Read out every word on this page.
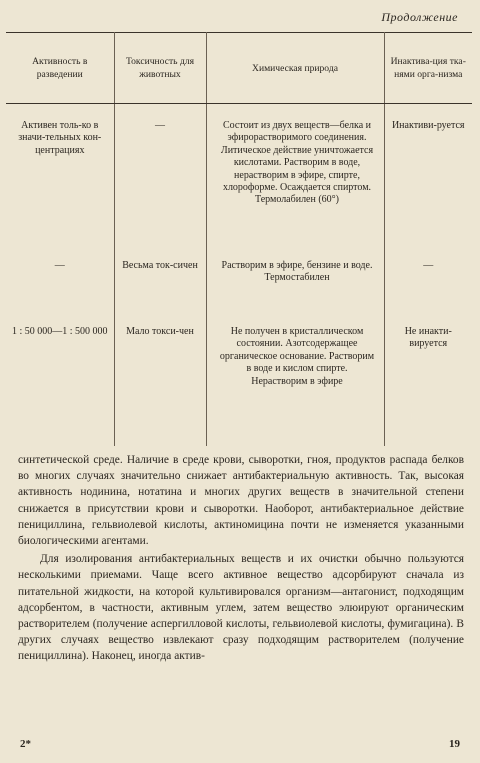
Продолжение
Активность в разведении	Токсичность для животных	Химическая природа	Инактива-ция тка-нями орга-низма
Активен толь-ко в значи-тельных кон-центрациях	—	Состоит из двух веществ—белка и эфирорастворимого соединения. Литическое действие уничтожается кислотами. Растворим в воде, нерастворим в эфире, спирте, хлороформе. Осаждается спиртом. Термолабилен (60°)	Инактиви-руется
—	Весьма ток-сичен	Растворим в эфире, бензине и воде. Термостабилен	—
1 : 50 000—1 : 500 000	Мало токси-чен	Не получен в кристаллическом состоянии. Азотсодержащее органическое основание. Растворим в воде и кислом спирте. Нерастворим в эфире	Не инакти-вируется

синтетической среде. Наличие в среде крови, сыворотки, гноя, продуктов распада белков во многих случаях значительно снижает антибактериальную активность. Так, высокая активность нодинина, нотатина и многих других веществ в значительной степени снижается в присутствии крови и сыворотки. Наоборот, антибактериальное действие пенициллина, гельвиолевой кислоты, актиномицина почти не изменяется указанными биологическими агентами.

Для изолирования антибактериальных веществ и их очистки обычно пользуются несколькими приемами. Чаще всего активное вещество адсорбируют сначала из питательной жидкости, на которой культивировался организм—антагонист, подходящим адсорбентом, в частности, активным углем, затем вещество элюируют органическим растворителем (получение аспергилловой кислоты, гельвиолевой кислоты, фумигацина). В других случаях вещество извлекают сразу подходящим растворителем (получение пенициллина). Наконец, иногда актив-

2*	19
